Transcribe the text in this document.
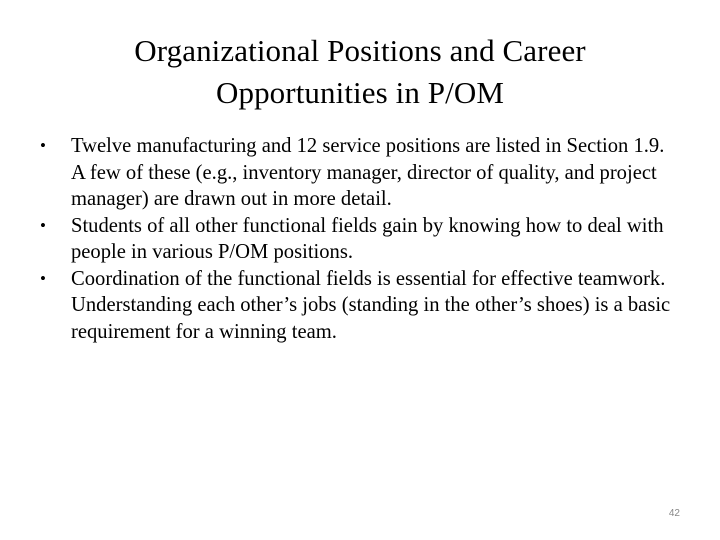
Organizational Positions and Career
Opportunities in P/OM
•	Twelve manufacturing and 12 service positions are listed in Section 1.9. A few of these (e.g., inventory manager, director of quality, and project manager) are drawn out in more detail.
•	Students of all other functional fields gain by knowing how to deal with people in various P/OM positions.
•	Coordination of the functional fields is essential for effective teamwork. Understanding each other’s jobs (standing in the other’s shoes) is a basic requirement for a winning team.
42
